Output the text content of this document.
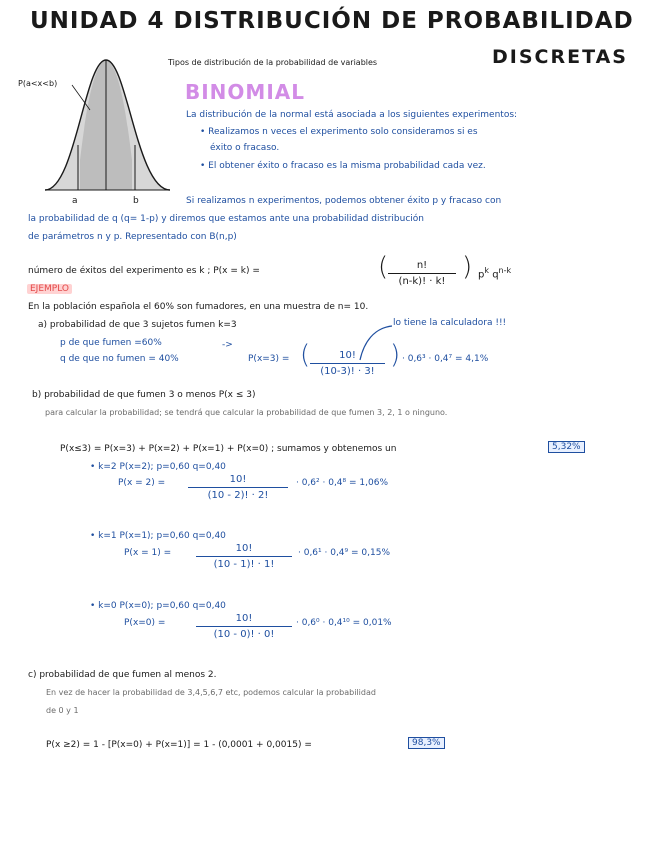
UNIDAD 4 DISTRIBUCIÓN DE PROBABILIDAD
P(a<x<b)
a	b
Tipos de distribución de la probabilidad de variables	DISCRETAS
BINOMIAL
La distribución de la normal está asociada a los siguientes experimentos:
• Realizamos n veces el experimento solo consideramos si es
éxito o fracaso.
• El obtener éxito o fracaso es la misma probabilidad cada vez.
Si realizamos n experimentos, podemos obtener éxito p y fracaso con
la probabilidad de q (q= 1-p) y diremos que estamos ante una probabilidad distribución
de parámetros n y p. Representado con B(n,p)
número de éxitos del experimento es k ; P(x = k) =	(	n!
(n-k)! · k! ) $p^k$ $q^{n-k}$
EJEMPLO
En la población española el 60% son fumadores, en una muestra de n= 10.
a) probabilidad de que 3 sujetos fumen k=3	lo tiene la calculadora !!!
p de que fumen =60%
q de que no fumen = 40%
->
P(x=3) = (	10!
(10-3)! · 3!
) · 0,6³ · 0,4⁷ = 4,1%
b) probabilidad de que fumen 3 o menos P(x ≤ 3)
para calcular la probabilidad; se tendrá que calcular la probabilidad de que fumen 3, 2, 1 o ninguno.
P(x≤3) = P(x=3) + P(x=2) + P(x=1) + P(x=0) ; sumamos y obtenemos un	5,32%
• k=2 P(x=2); p=0,60 q=0,40
P(x = 2) =	10!
(10 - 2)! · 2!
· 0,6² · 0,4⁸ = 1,06%
• k=1 P(x=1); p=0,60 q=0,40
P(x = 1) =	10!
(10 - 1)! · 1!
· 0,6¹ · 0,4⁹ = 0,15%
• k=0 P(x=0); p=0,60 q=0,40
P(x=0) =	10!
(10 - 0)! · 0!
· 0,6⁰ · 0,4¹⁰ = 0,01%
c) probabilidad de que fumen al menos 2.
En vez de hacer la probabilidad de 3,4,5,6,7 etc, podemos calcular la probabilidad
de 0 y 1
P(x ≥2) = 1 - [P(x=0) + P(x=1)] = 1 - (0,0001 + 0,0015) =	98,3%
